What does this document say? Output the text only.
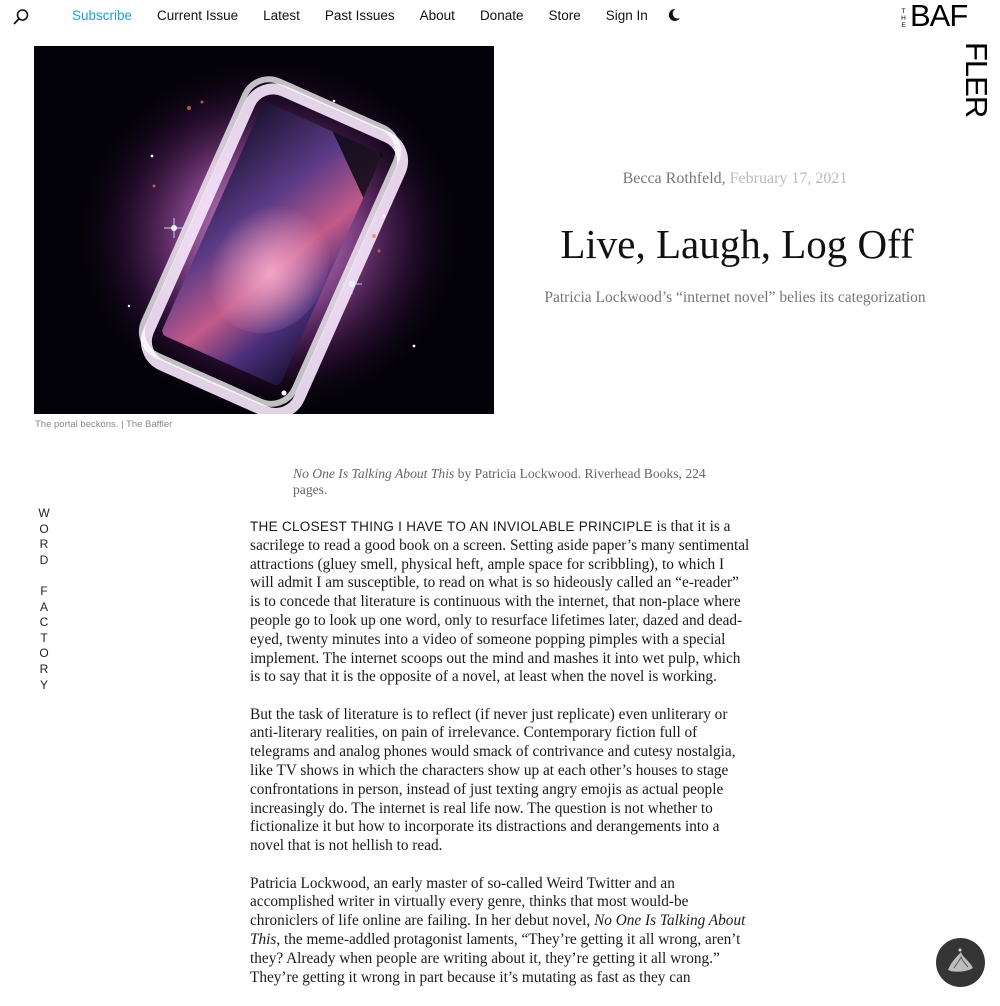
Subscribe Current Issue Latest Past Issues About Donate Store Sign In	THE BAF
FLER
The portal beckons. | The Baffler
Becca Rothfeld, February 17, 2021
Live, Laugh, Log Off
Patricia Lockwood’s “internet novel” belies its categorization
W
O
R
D
F
A
C
T
O
R
Y
No One Is Talking About This by Patricia Lockwood. Riverhead Books, 224 pages.

THE CLOSEST THING I HAVE TO AN INVIOLABLE PRINCIPLE is that it is a sacrilege to read a good book on a screen. Setting aside paper’s many sentimental attractions (gluey smell, physical heft, ample space for scribbling), to which I will admit I am susceptible, to read on what is so hideously called an “e-reader” is to concede that literature is continuous with the internet, that non-place where people go to look up one word, only to resurface lifetimes later, dazed and dead-eyed, twenty minutes into a video of someone popping pimples with a special implement. The internet scoops out the mind and mashes it into wet pulp, which is to say that it is the opposite of a novel, at least when the novel is working.

But the task of literature is to reflect (if never just replicate) even unliterary or anti-literary realities, on pain of irrelevance. Contemporary fiction full of telegrams and analog phones would smack of contrivance and cutesy nostalgia, like TV shows in which the characters show up at each other’s houses to stage confrontations in person, instead of just texting angry emojis as actual people increasingly do. The internet is real life now. The question is not whether to fictionalize it but how to incorporate its distractions and derangements into a novel that is not hellish to read.

Patricia Lockwood, an early master of so-called Weird Twitter and an accomplished writer in virtually every genre, thinks that most would-be chroniclers of life online are failing. In her debut novel, No One Is Talking About This, the meme-addled protagonist laments, “They’re getting it all wrong, aren’t they? Already when people are writing about it, they’re getting it all wrong.” They’re getting it wrong in part because it’s mutating as fast as they can
